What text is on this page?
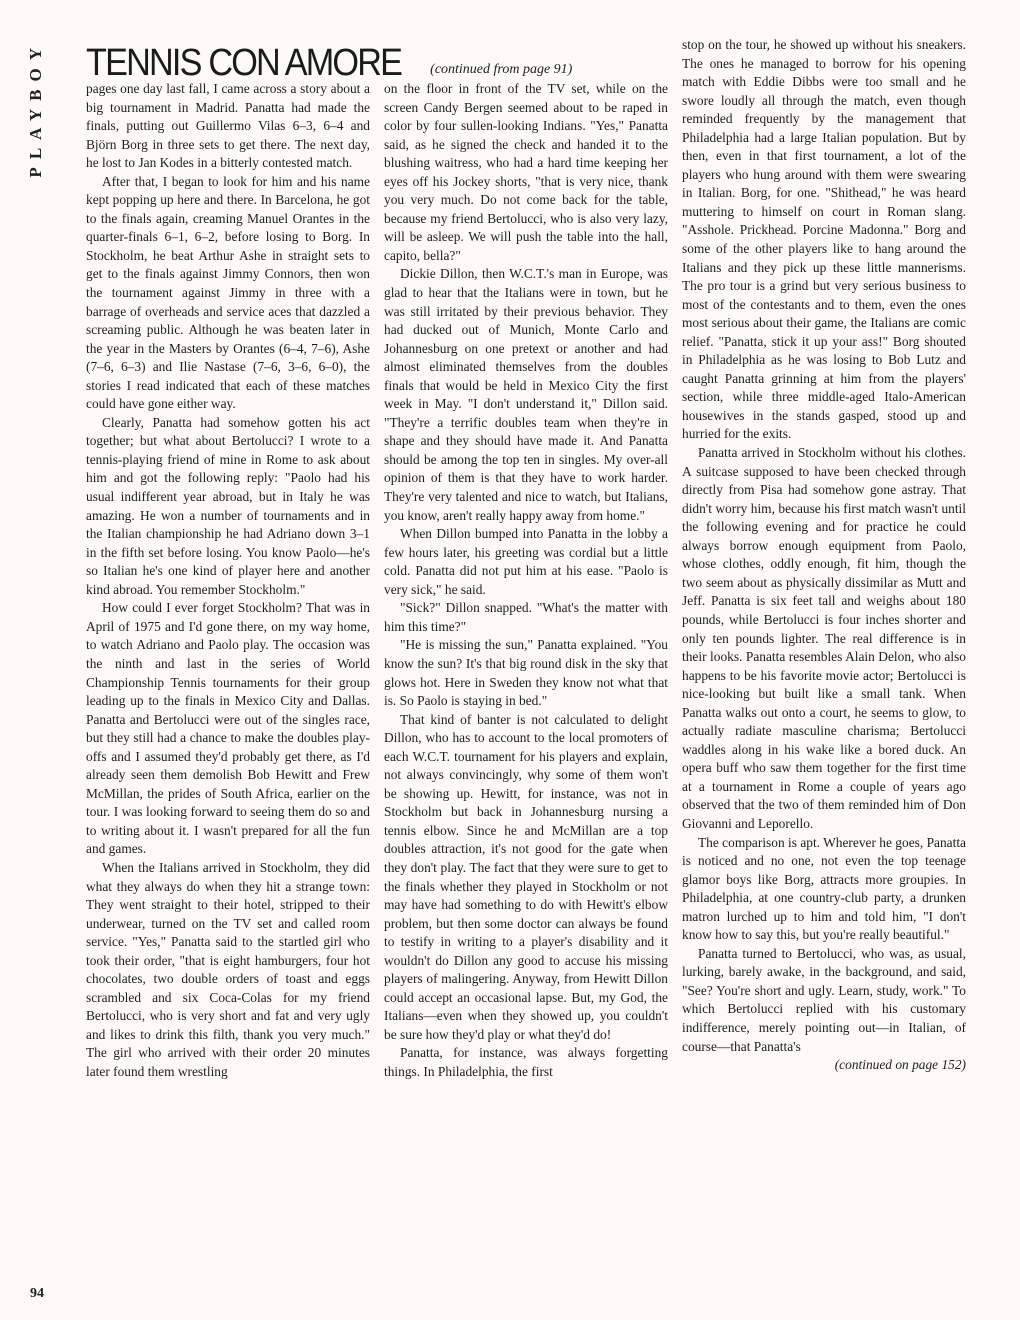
PLAYBOY TENNIS CON AMORE (continued from page 91)

pages one day last fall, I came across a story about a big tournament in Madrid. Panatta had made the finals, putting out Guillermo Vilas 6–3, 6–4 and Björn Borg in three sets to get there. The next day, he lost to Jan Kodes in a bitterly contested match.

After that, I began to look for him and his name kept popping up here and there. In Barcelona, he got to the finals again, creaming Manuel Orantes in the quarter-finals 6–1, 6–2, before losing to Borg. In Stockholm, he beat Arthur Ashe in straight sets to get to the finals against Jimmy Connors, then won the tournament against Jimmy in three with a barrage of overheads and service aces that dazzled a screaming public. Although he was beaten later in the year in the Masters by Orantes (6–4, 7–6), Ashe (7–6, 6–3) and Ilie Nastase (7–6, 3–6, 6–0), the stories I read indicated that each of these matches could have gone either way.

Clearly, Panatta had somehow gotten his act together; but what about Bertolucci? I wrote to a tennis-playing friend of mine in Rome to ask about him and got the following reply: "Paolo had his usual indifferent year abroad, but in Italy he was amazing. He won a number of tournaments and in the Italian championship he had Adriano down 3–1 in the fifth set before losing. You know Paolo—he's so Italian he's one kind of player here and another kind abroad. You remember Stockholm."

How could I ever forget Stockholm? That was in April of 1975 and I'd gone there, on my way home, to watch Adriano and Paolo play. The occasion was the ninth and last in the series of World Championship Tennis tournaments for their group leading up to the finals in Mexico City and Dallas. Panatta and Bertolucci were out of the singles race, but they still had a chance to make the doubles play-offs and I assumed they'd probably get there, as I'd already seen them demolish Bob Hewitt and Frew McMillan, the prides of South Africa, earlier on the tour. I was looking forward to seeing them do so and to writing about it. I wasn't prepared for all the fun and games.

When the Italians arrived in Stockholm, they did what they always do when they hit a strange town: They went straight to their hotel, stripped to their underwear, turned on the TV set and called room service. "Yes," Panatta said to the startled girl who took their order, "that is eight hamburgers, four hot chocolates, two double orders of toast and eggs scrambled and six Coca-Colas for my friend Bertolucci, who is very short and fat and very ugly and likes to drink this filth, thank you very much." The girl who arrived with their order 20 minutes later found them wrestling

on the floor in front of the TV set, while on the screen Candy Bergen seemed about to be raped in color by four sullen-looking Indians. "Yes," Panatta said, as he signed the check and handed it to the blushing waitress, who had a hard time keeping her eyes off his Jockey shorts, "that is very nice, thank you very much. Do not come back for the table, because my friend Bertolucci, who is also very lazy, will be asleep. We will push the table into the hall, capito, bella?"

Dickie Dillon, then W.C.T.'s man in Europe, was glad to hear that the Italians were in town, but he was still irritated by their previous behavior. They had ducked out of Munich, Monte Carlo and Johannesburg on one pretext or another and had almost eliminated themselves from the doubles finals that would be held in Mexico City the first week in May. "I don't understand it," Dillon said. "They're a terrific doubles team when they're in shape and they should have made it. And Panatta should be among the top ten in singles. My over-all opinion of them is that they have to work harder. They're very talented and nice to watch, but Italians, you know, aren't really happy away from home."

When Dillon bumped into Panatta in the lobby a few hours later, his greeting was cordial but a little cold. Panatta did not put him at his ease. "Paolo is very sick," he said.

"Sick?" Dillon snapped. "What's the matter with him this time?"

"He is missing the sun," Panatta explained. "You know the sun? It's that big round disk in the sky that glows hot. Here in Sweden they know not what that is. So Paolo is staying in bed."

That kind of banter is not calculated to delight Dillon, who has to account to the local promoters of each W.C.T. tournament for his players and explain, not always convincingly, why some of them won't be showing up. Hewitt, for instance, was not in Stockholm but back in Johannesburg nursing a tennis elbow. Since he and McMillan are a top doubles attraction, it's not good for the gate when they don't play. The fact that they were sure to get to the finals whether they played in Stockholm or not may have had something to do with Hewitt's elbow problem, but then some doctor can always be found to testify in writing to a player's disability and it wouldn't do Dillon any good to accuse his missing players of malingering. Anyway, from Hewitt Dillon could accept an occasional lapse. But, my God, the Italians—even when they showed up, you couldn't be sure how they'd play or what they'd do!

Panatta, for instance, was always forgetting things. In Philadelphia, the first

stop on the tour, he showed up without his sneakers. The ones he managed to borrow for his opening match with Eddie Dibbs were too small and he swore loudly all through the match, even though reminded frequently by the management that Philadelphia had a large Italian population. But by then, even in that first tournament, a lot of the players who hung around with them were swearing in Italian. Borg, for one. "Shithead," he was heard muttering to himself on court in Roman slang. "Asshole. Prickhead. Porcine Madonna." Borg and some of the other players like to hang around the Italians and they pick up these little mannerisms. The pro tour is a grind but very serious business to most of the contestants and to them, even the ones most serious about their game, the Italians are comic relief. "Panatta, stick it up your ass!" Borg shouted in Philadelphia as he was losing to Bob Lutz and caught Panatta grinning at him from the players' section, while three middle-aged Italo-American housewives in the stands gasped, stood up and hurried for the exits.

Panatta arrived in Stockholm without his clothes. A suitcase supposed to have been checked through directly from Pisa had somehow gone astray. That didn't worry him, because his first match wasn't until the following evening and for practice he could always borrow enough equipment from Paolo, whose clothes, oddly enough, fit him, though the two seem about as physically dissimilar as Mutt and Jeff. Panatta is six feet tall and weighs about 180 pounds, while Bertolucci is four inches shorter and only ten pounds lighter. The real difference is in their looks. Panatta resembles Alain Delon, who also happens to be his favorite movie actor; Bertolucci is nice-looking but built like a small tank. When Panatta walks out onto a court, he seems to glow, to actually radiate masculine charisma; Bertolucci waddles along in his wake like a bored duck. An opera buff who saw them together for the first time at a tournament in Rome a couple of years ago observed that the two of them reminded him of Don Giovanni and Leporello.

The comparison is apt. Wherever he goes, Panatta is noticed and no one, not even the top teenage glamor boys like Borg, attracts more groupies. In Philadelphia, at one country-club party, a drunken matron lurched up to him and told him, "I don't know how to say this, but you're really beautiful."

Panatta turned to Bertolucci, who was, as usual, lurking, barely awake, in the background, and said, "See? You're short and ugly. Learn, study, work." To which Bertolucci replied with his customary indifference, merely pointing out—in Italian, of course—that Panatta's

(continued on page 152)
94
